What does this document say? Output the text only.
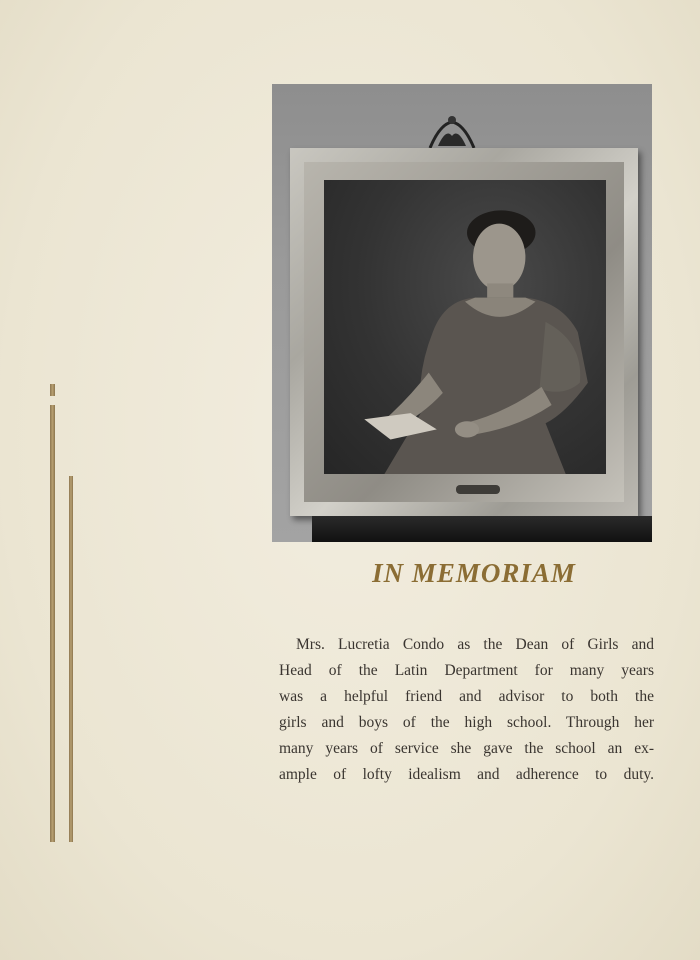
IN MEMORIAM

Mrs. Lucretia Condo as the Dean of Girls and
Head of the Latin Department for many years
was a helpful friend and advisor to both the
girls and boys of the high school. Through her
many years of service she gave the school an ex-
ample of lofty idealism and adherence to duty.
